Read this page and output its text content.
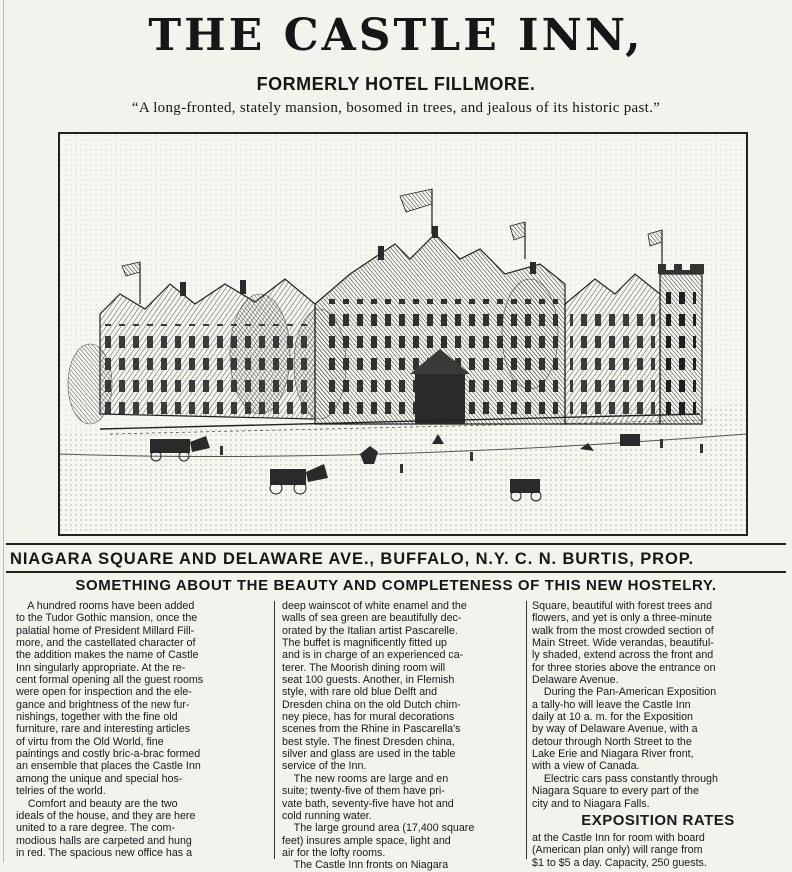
THE CASTLE INN,
FORMERLY HOTEL FILLMORE.
“A long-fronted, stately mansion, bosomed in trees, and jealous of its historic past.”
NIAGARA SQUARE AND DELAWARE AVE., BUFFALO, N.Y. C. N. BURTIS, PROP.
SOMETHING ABOUT THE BEAUTY AND COMPLETENESS OF THIS NEW HOSTELRY.
A hundred rooms have been added
to the Tudor Gothic mansion, once the
palatial home of President Millard Fill-
more, and the castellated character of
the addition makes the name of Castle
Inn singularly appropriate. At the re-
cent formal opening all the guest rooms
were open for inspection and the ele-
gance and brightness of the new fur-
nishings, together with the fine old
furniture, rare and interesting articles
of virtu from the Old World, fine
paintings and costly bric-a-brac formed
an ensemble that places the Castle Inn
among the unique and special hos-
telries of the world.
Comfort and beauty are the two
ideals of the house, and they are here
united to a rare degree. The com-
modious halls are carpeted and hung
in red. The spacious new office has a
deep wainscot of white enamel and the
walls of sea green are beautifully dec-
orated by the Italian artist Pascarelle.
The buffet is magnificently fitted up
and is in charge of an experienced ca-
terer. The Moorish dining room will
seat 100 guests. Another, in Flemish
style, with rare old blue Delft and
Dresden china on the old Dutch chim-
ney piece, has for mural decorations
scenes from the Rhine in Pascarella's
best style. The finest Dresden china,
silver and glass are used in the table
service of the Inn.
The new rooms are large and en
suite; twenty-five of them have pri-
vate bath, seventy-five have hot and
cold running water.
The large ground area (17,400 square
feet) insures ample space, light and
air for the lofty rooms.
The Castle Inn fronts on Niagara
Square, beautiful with forest trees and
flowers, and yet is only a three-minute
walk from the most crowded section of
Main Street. Wide verandas, beautiful-
ly shaded, extend across the front and
for three stories above the entrance on
Delaware Avenue.
During the Pan-American Exposition
a tally-ho will leave the Castle Inn
daily at 10 a. m. for the Exposition
by way of Delaware Avenue, with a
detour through North Street to the
Lake Erie and Niagara River front,
with a view of Canada.
Electric cars pass constantly through
Niagara Square to every part of the
city and to Niagara Falls.
EXPOSITION RATES
at the Castle Inn for room with board
(American plan only) will range from
$1 to $5 a day. Capacity, 250 guests.
